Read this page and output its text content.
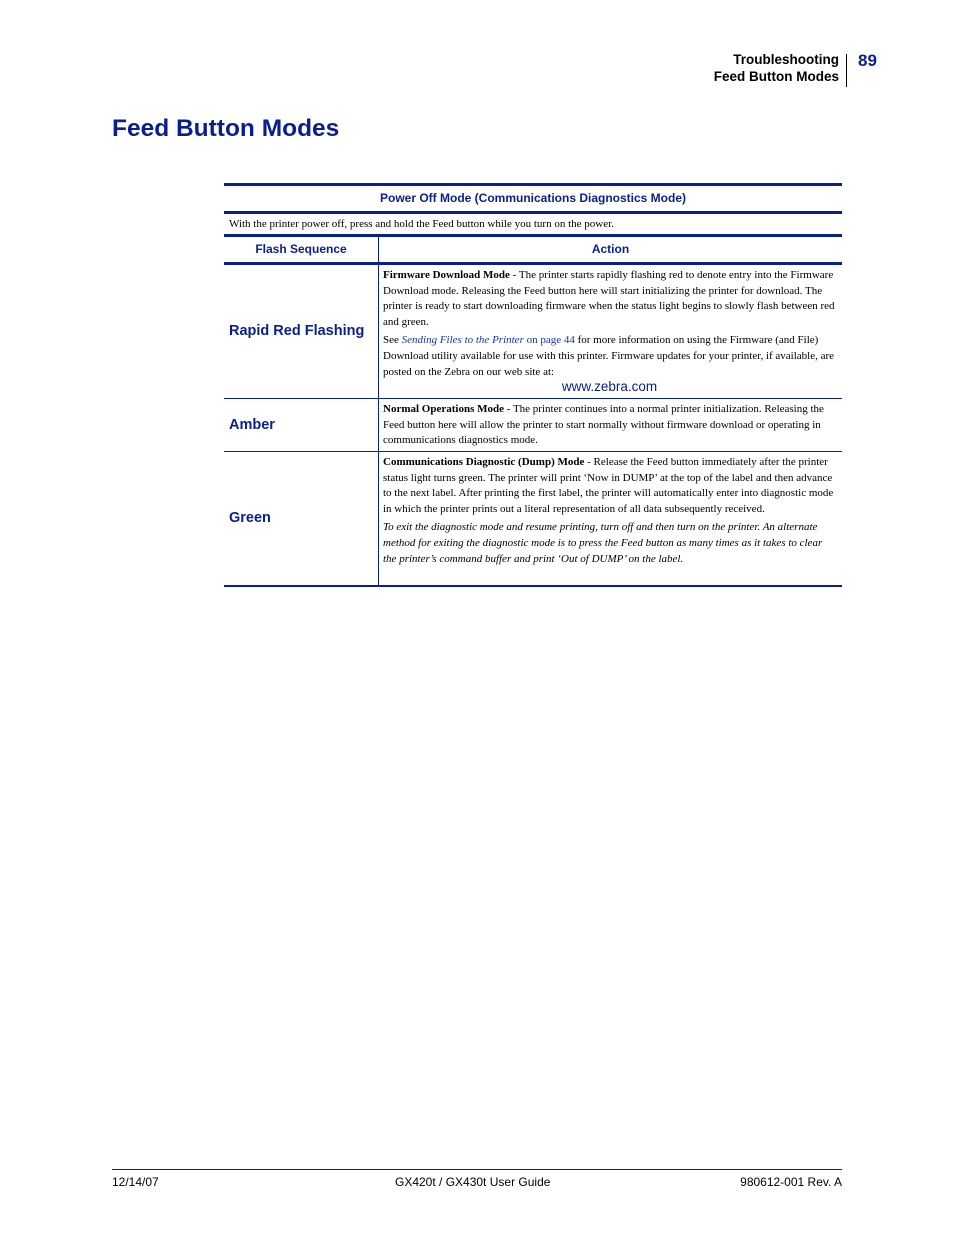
Troubleshooting
Feed Button Modes
89
Feed Button Modes
Power Off Mode (Communications Diagnostics Mode)
With the printer power off, press and hold the Feed button while you turn on the power.
Flash Sequence	Action
Rapid Red Flashing

Firmware Download Mode - The printer starts rapidly flashing red to denote entry into the Firmware Download mode. Releasing the Feed button here will start initializing the printer for download. The printer is ready to start downloading firmware when the status light begins to slowly flash between red and green.

See Sending Files to the Printer on page 44 for more information on using the Firmware (and File) Download utility available for use with this printer. Firmware updates for your printer, if available, are posted on the Zebra on our web site at:
www.zebra.com

Amber

Normal Operations Mode - The printer continues into a normal printer initialization. Releasing the Feed button here will allow the printer to start normally without firmware download or operating in communications diagnostics mode.

Green

Communications Diagnostic (Dump) Mode - Release the Feed button immediately after the printer status light turns green. The printer will print ‘Now in DUMP’ at the top of the label and then advance to the next label. After printing the first label, the printer will automatically enter into diagnostic mode in which the printer prints out a literal representation of all data subsequently received.

To exit the diagnostic mode and resume printing, turn off and then turn on the printer. An alternate method for exiting the diagnostic mode is to press the Feed button as many times as it takes to clear the printer’s command buffer and print ‘Out of DUMP’ on the label.

12/14/07	GX420t / GX430t User Guide	980612-001 Rev. A
